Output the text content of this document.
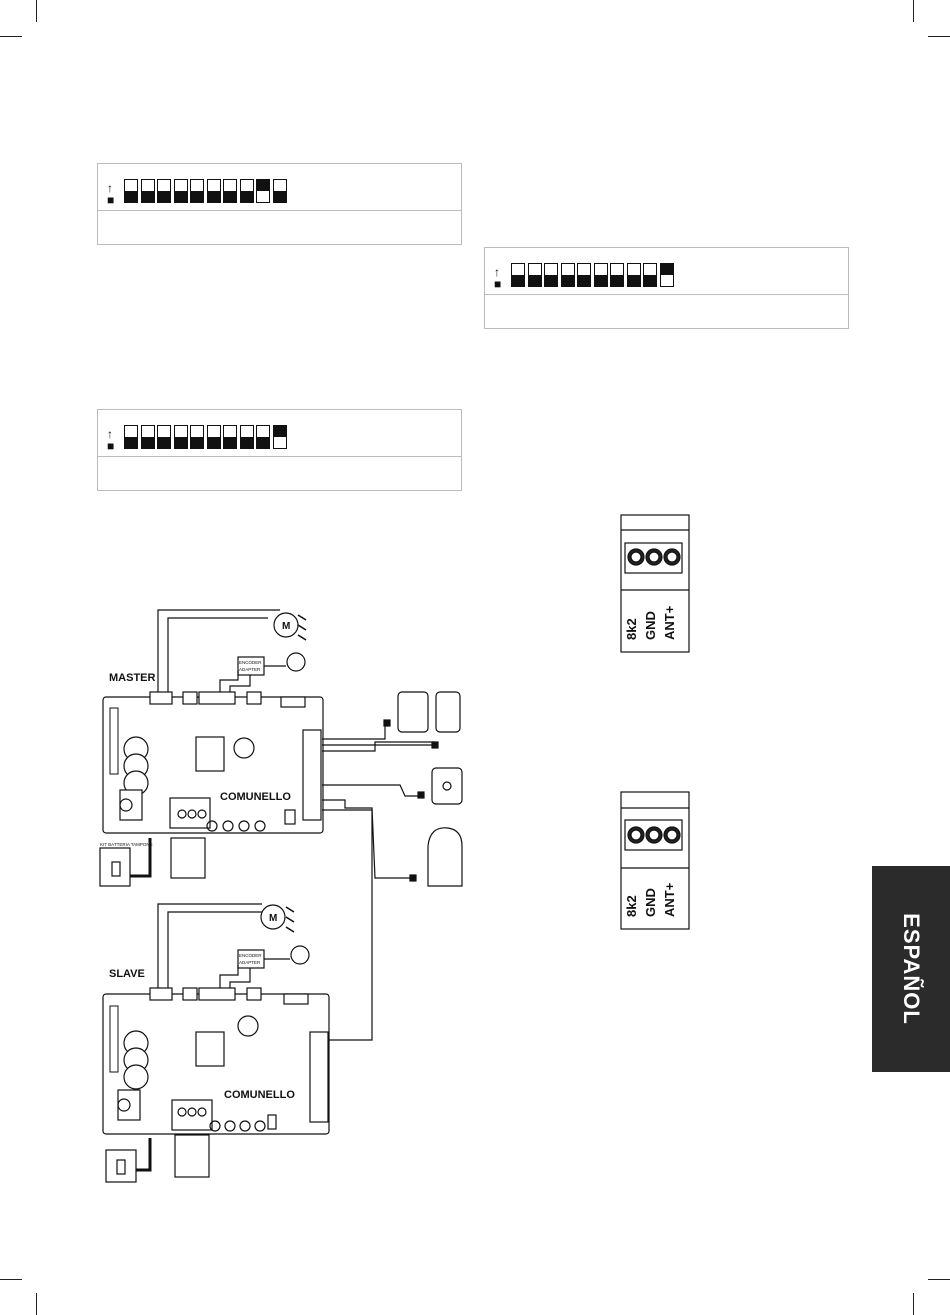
↑
■
↑
■
↑
■
MASTER
SLAVE
COMUNELLO
COMUNELLO
ENCODER
ADAPTER
ENCODER
ADAPTER
KIT BATTERIA TAMPONE
M
M
8k2 GND ANT+
8k2 GND ANT+
ESPAÑOL
